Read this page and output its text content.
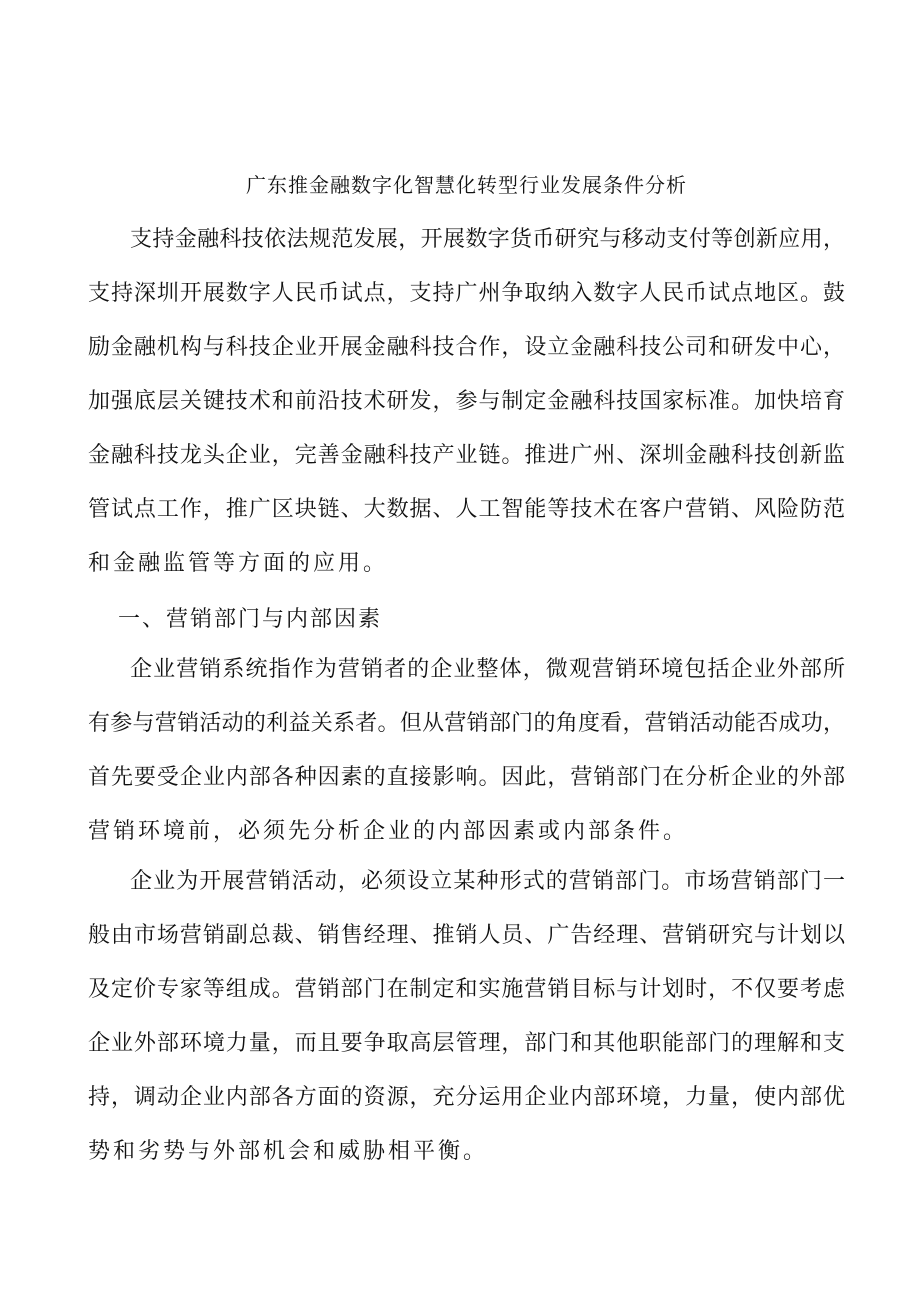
广东推金融数字化智慧化转型行业发展条件分析
支持金融科技依法规范发展，开展数字货币研究与移动支付等创新应用，
支持深圳开展数字人民币试点，支持广州争取纳入数字人民币试点地区。鼓
励金融机构与科技企业开展金融科技合作，设立金融科技公司和研发中心，
加强底层关键技术和前沿技术研发，参与制定金融科技国家标准。加快培育
金融科技龙头企业，完善金融科技产业链。推进广州、深圳金融科技创新监
管试点工作，推广区块链、大数据、人工智能等技术在客户营销、风险防范
和金融监管等方面的应用。
一、营销部门与内部因素
企业营销系统指作为营销者的企业整体，微观营销环境包括企业外部所
有参与营销活动的利益关系者。但从营销部门的角度看，营销活动能否成功，
首先要受企业内部各种因素的直接影响。因此，营销部门在分析企业的外部
营销环境前，必须先分析企业的内部因素或内部条件。
企业为开展营销活动，必须设立某种形式的营销部门。市场营销部门一
般由市场营销副总裁、销售经理、推销人员、广告经理、营销研究与计划以
及定价专家等组成。营销部门在制定和实施营销目标与计划时，不仅要考虑
企业外部环境力量，而且要争取高层管理，部门和其他职能部门的理解和支
持，调动企业内部各方面的资源，充分运用企业内部环境，力量，使内部优
势和劣势与外部机会和威胁相平衡。
